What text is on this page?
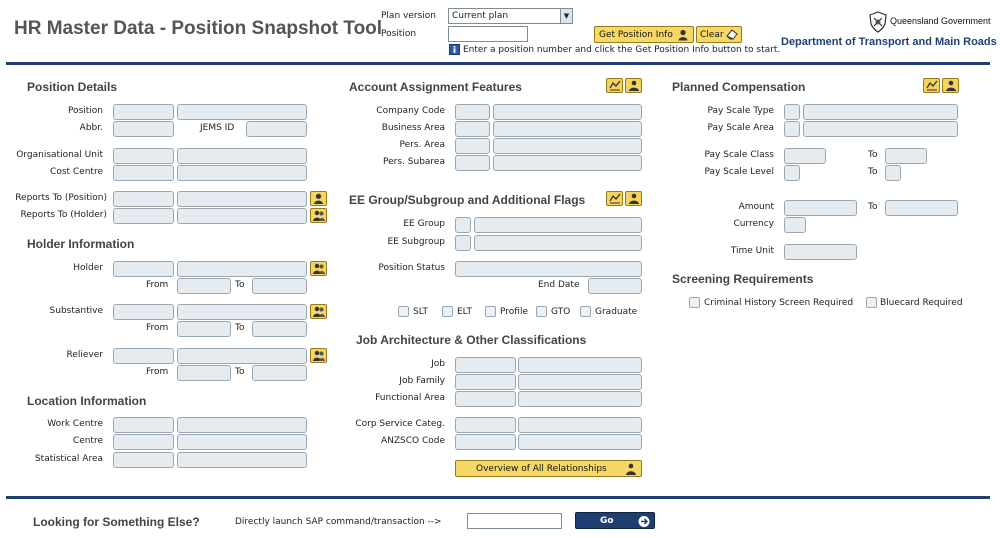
HR Master Data - Position Snapshot Tool
Plan version Current plan	▼
Position	Get Position Info	Clear
Enter a position number and click the Get Position Info button to start.
Queensland Government
Department of Transport and Main Roads
Position Details
Position
Abbr.	JEMS ID
Organisational Unit
Cost Centre
Reports To (Position)
Reports To (Holder)
Holder Information
Holder
From	To
Substantive
From	To
Reliever
From	To
Location Information
Work Centre
Centre
Statistical Area
Account Assignment Features
Company Code
Business Area
Pers. Area
Pers. Subarea
EE Group/Subgroup and Additional Flags
EE Group
EE Subgroup
Position Status
End Date
SLT	ELT	Profile	GTO	Graduate
Job Architecture & Other Classifications
Job
Job Family
Functional Area
Corp Service Categ.
ANZSCO Code
Overview of All Relationships
Planned Compensation
Pay Scale Type
Pay Scale Area
Pay Scale Class	To
Pay Scale Level	To
Amount	To
Currency
Time Unit
Screening Requirements
Criminal History Screen Required	Bluecard Required
Looking for Something Else?	Directly launch SAP command/transaction -->	Go
